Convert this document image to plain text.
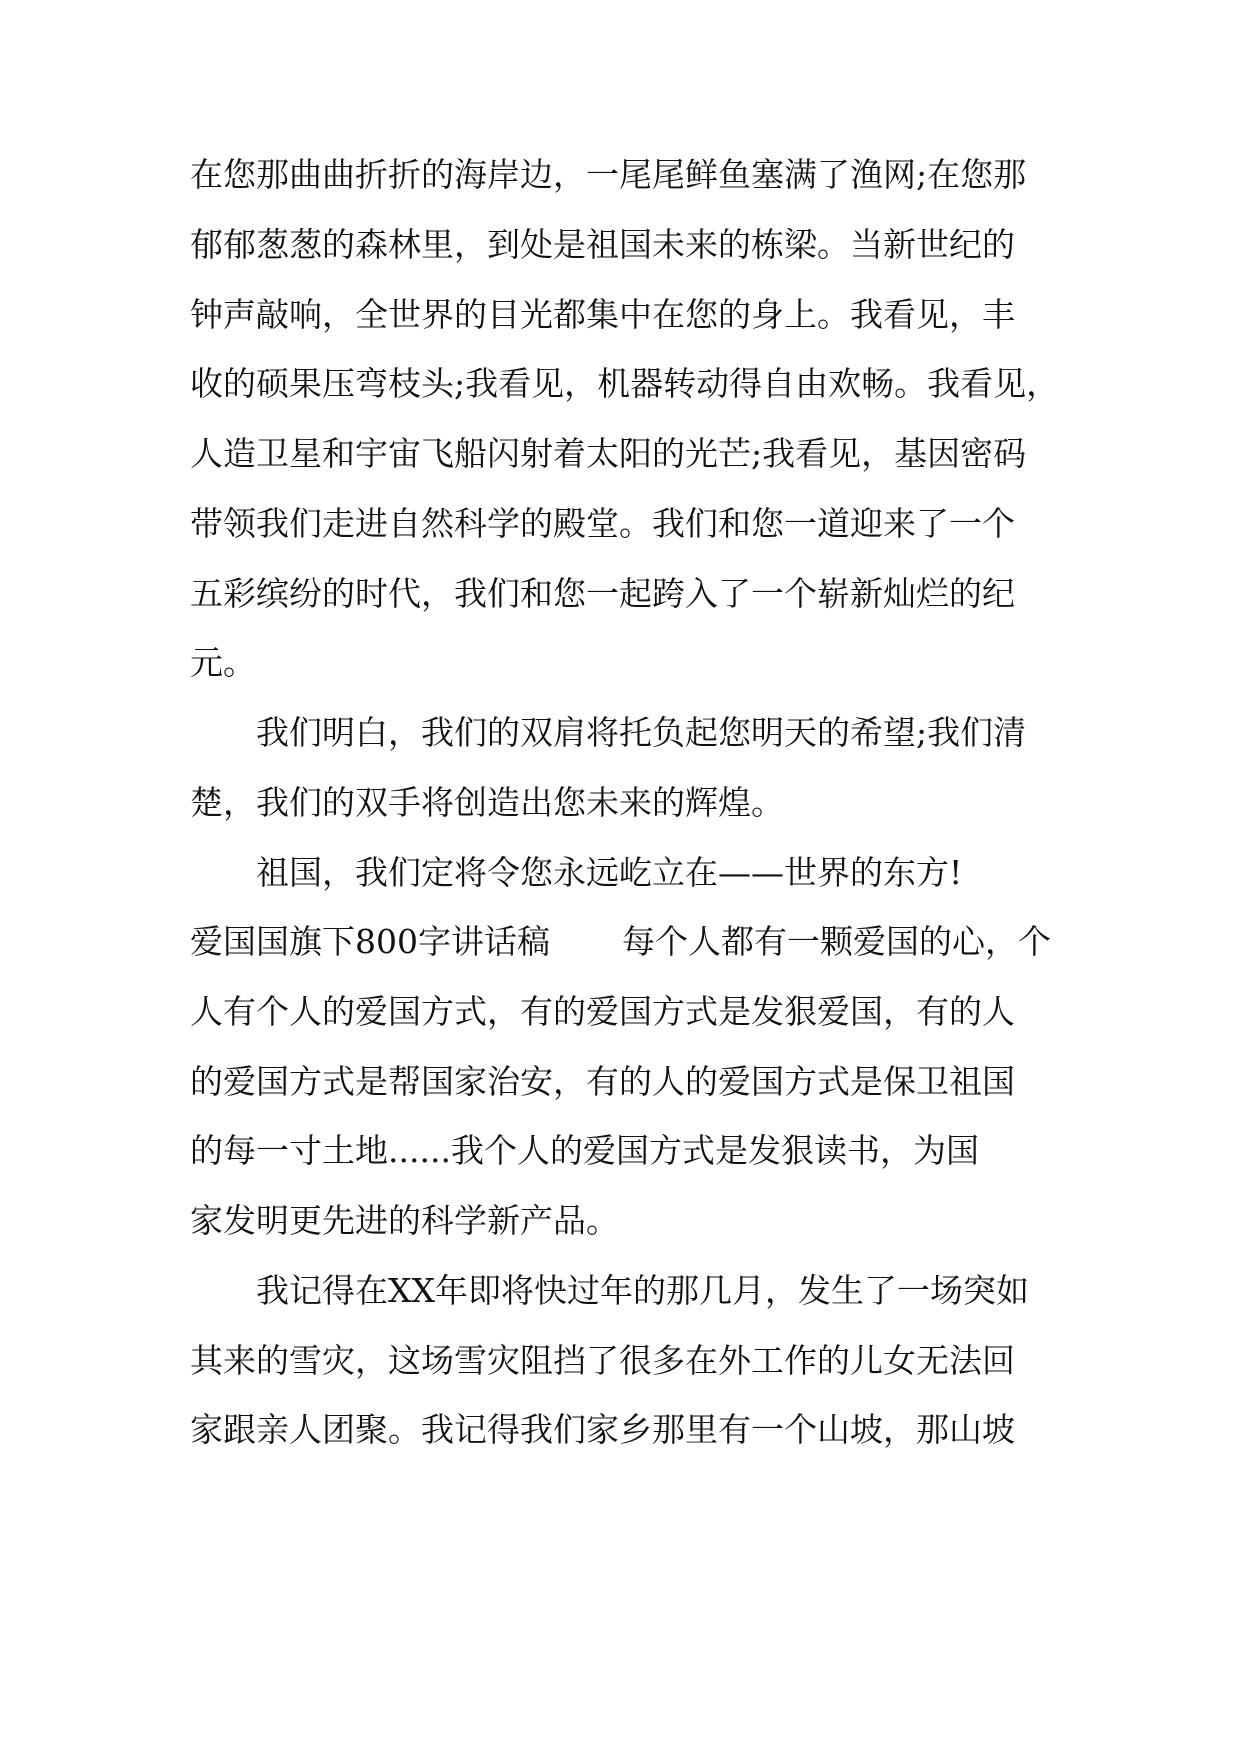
在您那曲曲折折的海岸边，一尾尾鲜鱼塞满了渔网;在您那

郁郁葱葱的森林里，到处是祖国未来的栋梁。当新世纪的

钟声敲响，全世界的目光都集中在您的身上。我看见，丰

收的硕果压弯枝头;我看见，机器转动得自由欢畅。我看见，

人造卫星和宇宙飞船闪射着太阳的光芒;我看见，基因密码

带领我们走进自然科学的殿堂。我们和您一道迎来了一个

五彩缤纷的时代，我们和您一起跨入了一个崭新灿烂的纪

元。

我们明白，我们的双肩将托负起您明天的希望;我们清

楚，我们的双手将创造出您未来的辉煌。

祖国，我们定将令您永远屹立在——世界的东方!

爱国国旗下800字讲话稿 每个人都有一颗爱国的心，个

人有个人的爱国方式，有的爱国方式是发狠爱国，有的人

的爱国方式是帮国家治安，有的人的爱国方式是保卫祖国

的每一寸土地......我个人的爱国方式是发狠读书，为国

家发明更先进的科学新产品。

我记得在XX年即将快过年的那几月，发生了一场突如

其来的雪灾，这场雪灾阻挡了很多在外工作的儿女无法回

家跟亲人团聚。我记得我们家乡那里有一个山坡，那山坡
